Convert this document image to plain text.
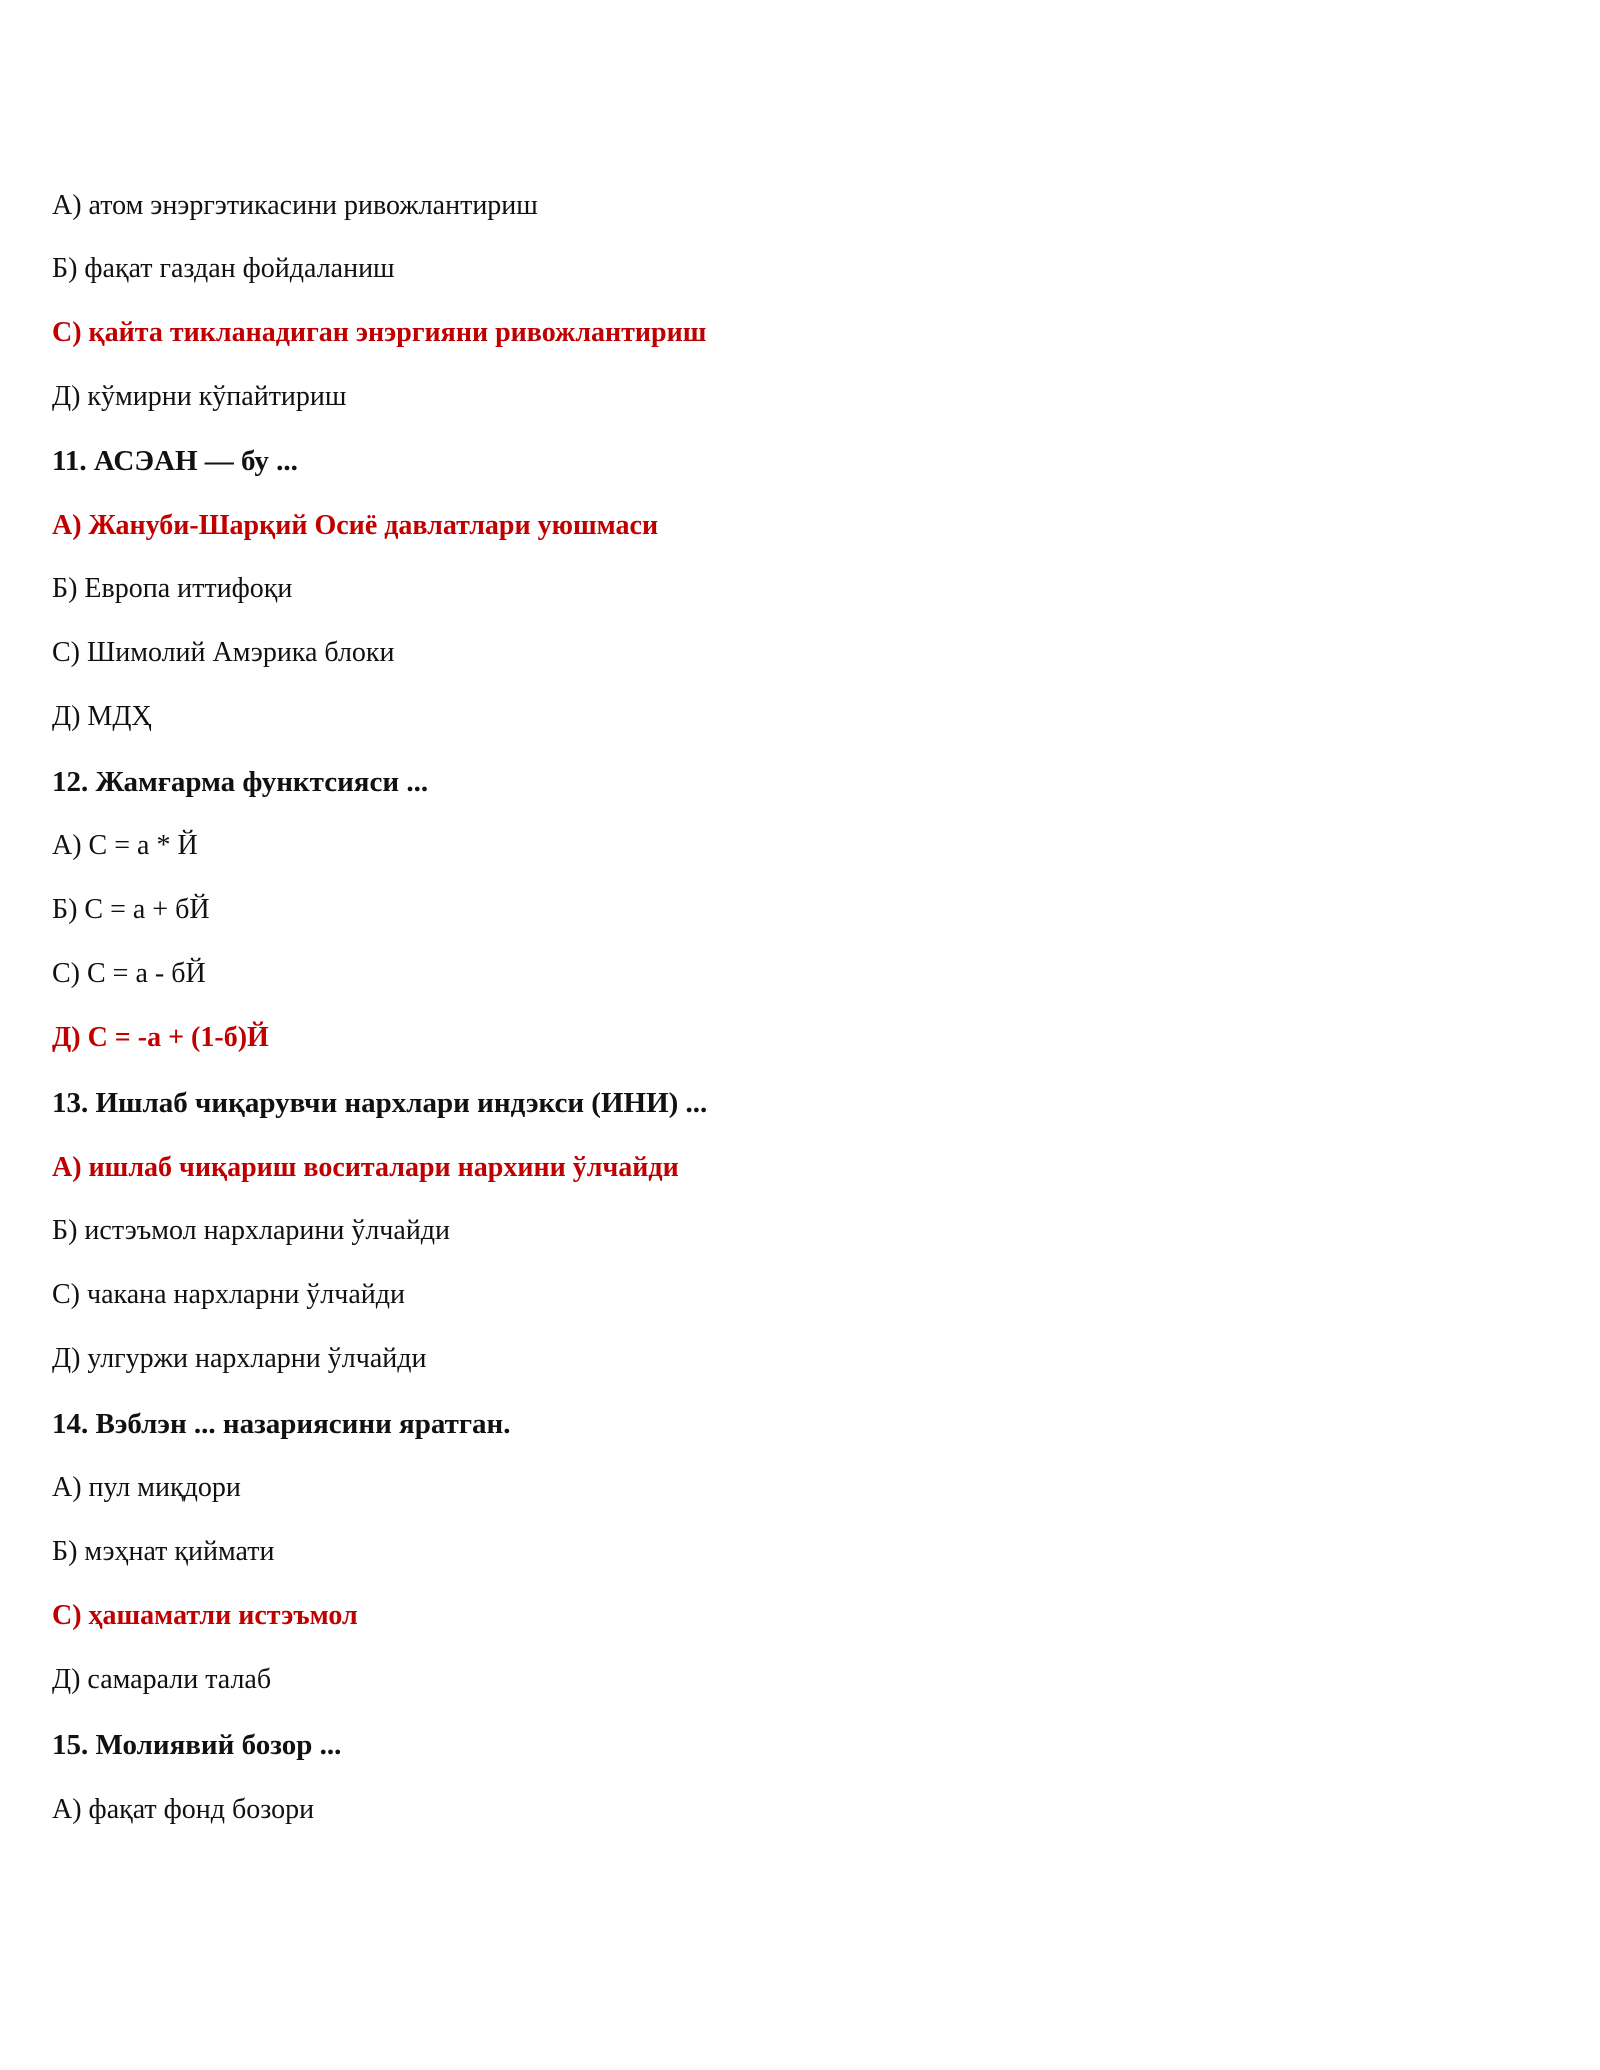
А) атом энэргэтикасини ривожлантириш
Б) фақат газдан фойдаланиш
С) қайта тикланадиган энэргияни ривожлантириш
Д) кўмирни кўпайтириш
11. АСЭАН — бу ...
А) Жануби-Шарқий Осиё давлатлари уюшмаси
Б) Европа иттифоқи
С) Шимолий Амэрика блоки
Д) МДҲ
12. Жамғарма функтсияси ...
А) С = а * Й
Б) С = а + бЙ
С) С = а - бЙ
Д) С = -а + (1-б)Й
13. Ишлаб чиқарувчи нархлари индэкси (ИНИ) ...
А) ишлаб чиқариш воситалари нархини ўлчайди
Б) истэъмол нархларини ўлчайди
С) чакана нархларни ўлчайди
Д) улгуржи нархларни ўлчайди
14. Вэблэн ... назариясини яратган.
А) пул миқдори
Б) мэҳнат қиймати
С) ҳашаматли истэъмол
Д) самарали талаб
15. Молиявий бозор ...
А) фақат фонд бозори
